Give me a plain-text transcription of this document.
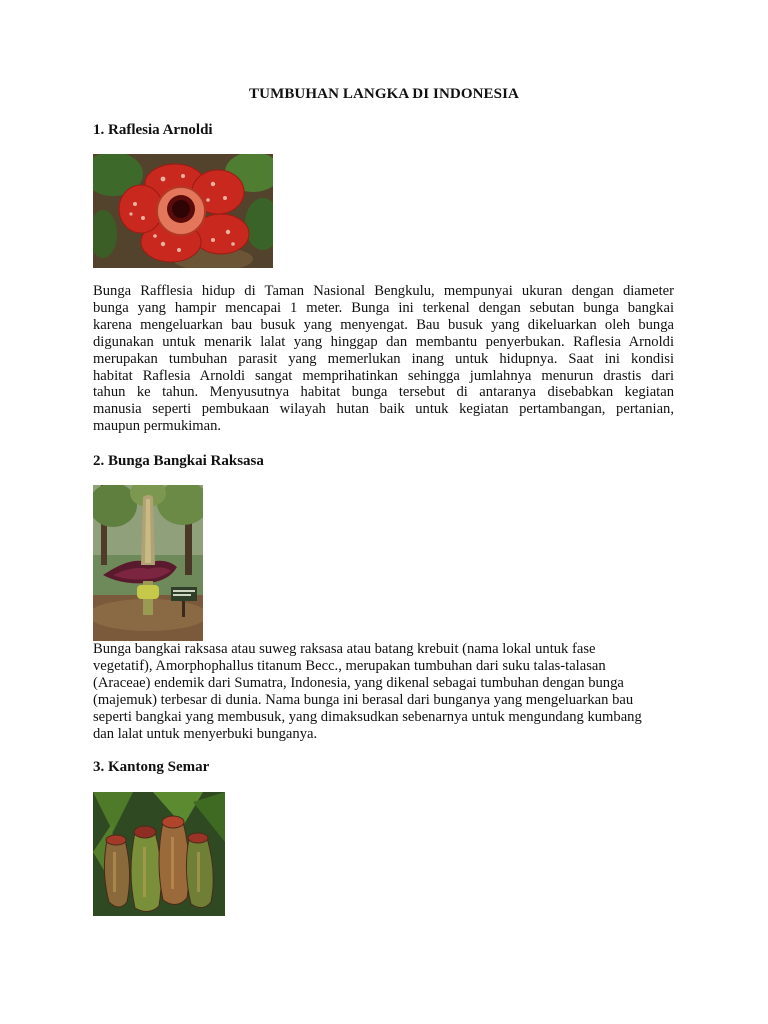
TUMBUHAN LANGKA DI INDONESIA
1. Raflesia Arnoldi
Bunga Rafflesia hidup di Taman Nasional Bengkulu, mempunyai ukuran dengan diameter
bunga yang hampir mencapai 1 meter. Bunga ini terkenal dengan sebutan bunga bangkai
karena mengeluarkan bau busuk yang menyengat. Bau busuk yang dikeluarkan oleh bunga
digunakan untuk menarik lalat yang hinggap dan membantu penyerbukan. Raflesia Arnoldi
merupakan tumbuhan parasit yang memerlukan inang untuk hidupnya. Saat ini kondisi
habitat Raflesia Arnoldi sangat memprihatinkan sehingga jumlahnya menurun drastis dari
tahun ke tahun. Menyusutnya habitat bunga tersebut di antaranya disebabkan kegiatan
manusia seperti pembukaan wilayah hutan baik untuk kegiatan pertambangan, pertanian,
maupun permukiman.
2. Bunga Bangkai Raksasa
Bunga bangkai raksasa atau suweg raksasa atau batang krebuit (nama lokal untuk fase
vegetatif), Amorphophallus titanum Becc., merupakan tumbuhan dari suku talas-talasan
(Araceae) endemik dari Sumatra, Indonesia, yang dikenal sebagai tumbuhan dengan bunga
(majemuk) terbesar di dunia. Nama bunga ini berasal dari bunganya yang mengeluarkan bau
seperti bangkai yang membusuk, yang dimaksudkan sebenarnya untuk mengundang kumbang
dan lalat untuk menyerbuki bunganya.
3. Kantong Semar
